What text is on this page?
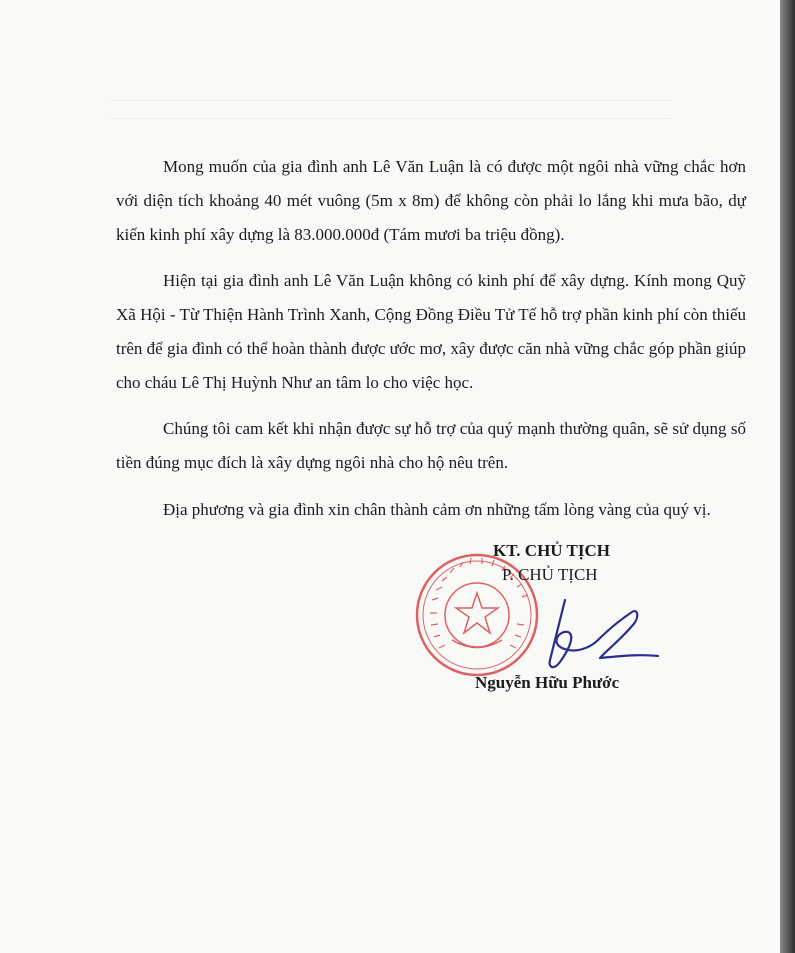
Mong muốn của gia đình anh Lê Văn Luận là có được một ngôi nhà vững chắc hơn với diện tích khoảng 40 mét vuông (5m x 8m) để không còn phải lo lắng khi mưa bão, dự kiến kinh phí xây dựng là 83.000.000đ (Tám mươi ba triệu đồng).

Hiện tại gia đình anh Lê Văn Luận không có kinh phí để xây dựng. Kính mong Quỹ Xã Hội - Từ Thiện Hành Trình Xanh, Cộng Đồng Điều Tử Tế hỗ trợ phần kinh phí còn thiếu trên để gia đình có thể hoàn thành được ước mơ, xây được căn nhà vững chắc góp phần giúp cho cháu Lê Thị Huỳnh Như an tâm lo cho việc học.

Chúng tôi cam kết khi nhận được sự hỗ trợ của quý mạnh thường quân, sẽ sử dụng số tiền đúng mục đích là xây dựng ngôi nhà cho hộ nêu trên.

Địa phương và gia đình xin chân thành cảm ơn những tấm lòng vàng của quý vị.

KT. CHỦ TỊCH
P. CHỦ TỊCH
Nguyễn Hữu Phước
